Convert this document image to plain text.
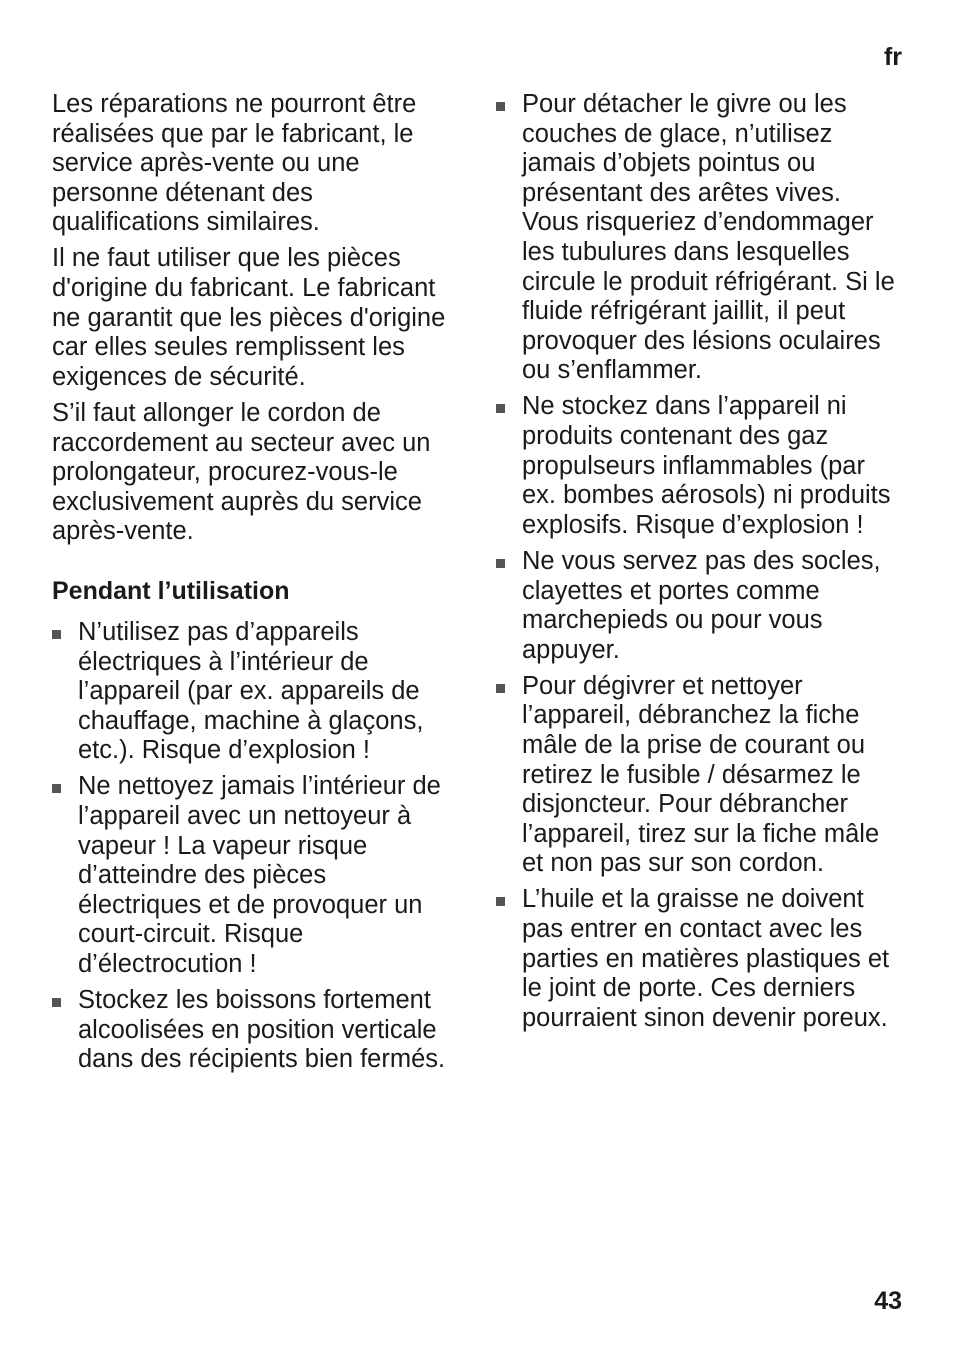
fr

Les réparations ne pourront être réalisées que par le fabricant, le service après-vente ou une personne détenant des qualifications similaires.

Il ne faut utiliser que les pièces d'origine du fabricant. Le fabricant ne garantit que les pièces d'origine car elles seules remplissent les exigences de sécurité.

S’il faut allonger le cordon de raccordement au secteur avec un prolongateur, procurez-vous-le exclusivement auprès du service après-vente.

Pendant l’utilisation
N’utilisez pas d’appareils électriques à l’intérieur de l’appareil (par ex. appareils de chauffage, machine à glaçons, etc.). Risque d’explosion !
Ne nettoyez jamais l’intérieur de l’appareil avec un nettoyeur à vapeur ! La vapeur risque d’atteindre des pièces électriques et de provoquer un court-circuit. Risque d’électrocution !
Stockez les boissons fortement alcoolisées en position verticale dans des récipients bien fermés.
Pour détacher le givre ou les couches de glace, n’utilisez jamais d’objets pointus ou présentant des arêtes vives. Vous risqueriez d’endommager les tubulures dans lesquelles circule le produit réfrigérant. Si le fluide réfrigérant jaillit, il peut provoquer des lésions oculaires ou s’enflammer.
Ne stockez dans l’appareil ni produits contenant des gaz propulseurs inflammables (par ex. bombes aérosols) ni produits explosifs. Risque d’explosion !
Ne vous servez pas des socles, clayettes et portes comme marchepieds ou pour vous appuyer.
Pour dégivrer et nettoyer l’appareil, débranchez la fiche mâle de la prise de courant ou retirez le fusible / désarmez le disjoncteur. Pour débrancher l’appareil, tirez sur la fiche mâle et non pas sur son cordon.
L’huile et la graisse ne doivent pas entrer en contact avec les parties en matières plastiques et le joint de porte. Ces derniers pourraient sinon devenir poreux.
43
